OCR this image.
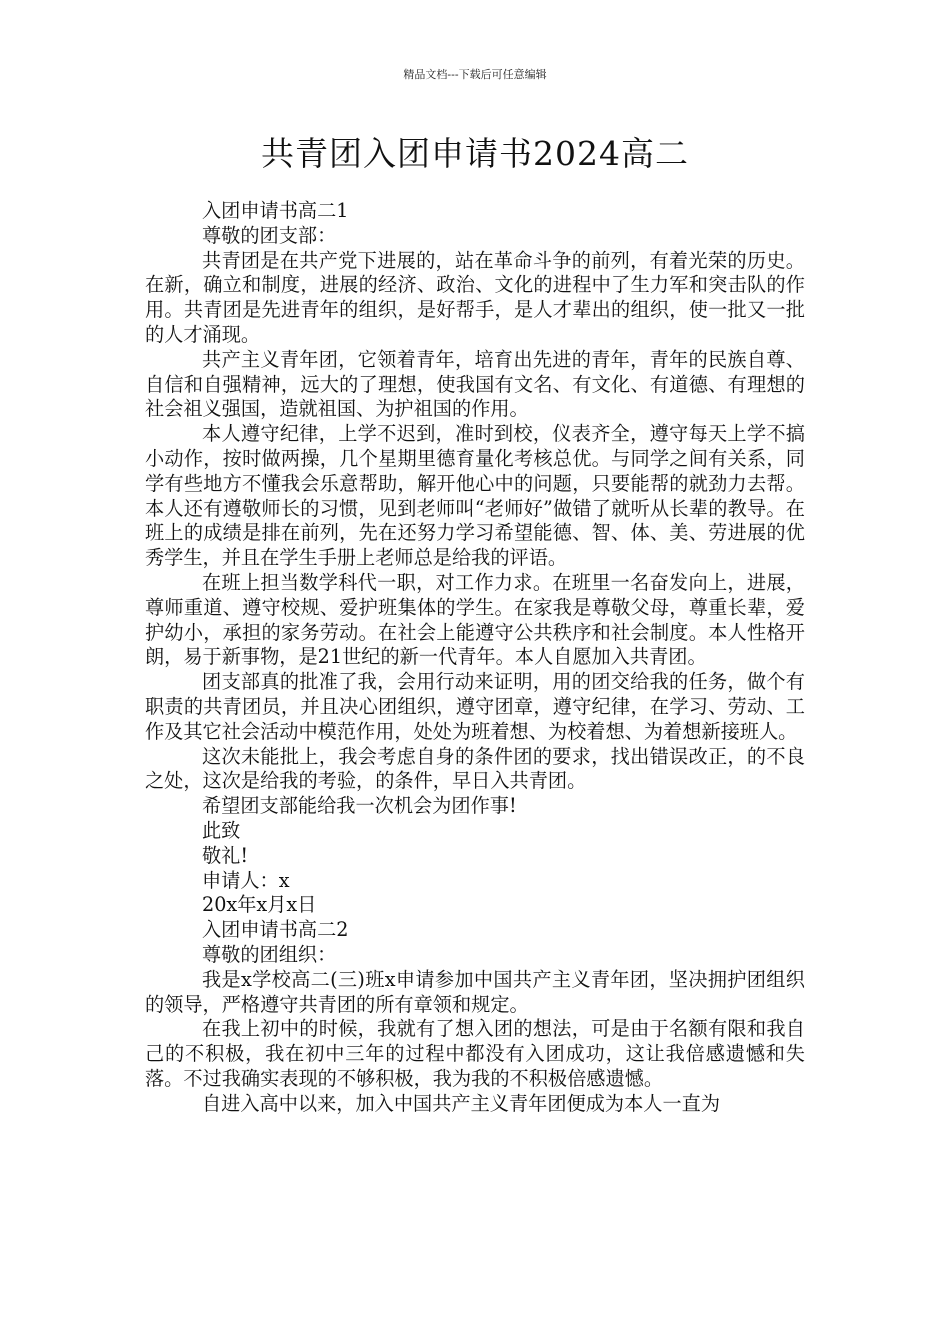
精品文档---下载后可任意编辑
共青团入团申请书2024高二

入团申请书高二1

尊敬的团支部：

共青团是在共产党下进展的，站在革命斗争的前列，有着光荣的历史。在新，确立和制度，进展的经济、政治、文化的进程中了生力军和突击队的作用。共青团是先进青年的组织，是好帮手，是人才辈出的组织，使一批又一批的人才涌现。

共产主义青年团，它领着青年，培育出先进的青年，青年的民族自尊、自信和自强精神，远大的了理想，使我国有文名、有文化、有道德、有理想的社会祖义强国，造就祖国、为护祖国的作用。

本人遵守纪律，上学不迟到，准时到校，仪表齐全，遵守每天上学不搞小动作，按时做两操，几个星期里德育量化考核总优。与同学之间有关系，同学有些地方不懂我会乐意帮助，解开他心中的问题，只要能帮的就劲力去帮。本人还有遵敬师长的习惯，见到老师叫“老师好”做错了就听从长辈的教导。在班上的成绩是排在前列，先在还努力学习希望能德、智、体、美、劳进展的优秀学生，并且在学生手册上老师总是给我的评语。

在班上担当数学科代一职，对工作力求。在班里一名奋发向上，进展，尊师重道、遵守校规、爱护班集体的学生。在家我是尊敬父母，尊重长辈，爱护幼小，承担的家务劳动。在社会上能遵守公共秩序和社会制度。本人性格开朗，易于新事物，是21世纪的新一代青年。本人自愿加入共青团。

团支部真的批准了我，会用行动来证明，用的团交给我的任务，做个有职责的共青团员，并且决心团组织，遵守团章，遵守纪律，在学习、劳动、工作及其它社会活动中模范作用，处处为班着想、为校着想、为着想新接班人。

这次未能批上，我会考虑自身的条件团的要求，找出错误改正，的不良之处，这次是给我的考验，的条件，早日入共青团。

希望团支部能给我一次机会为团作事!

此致

敬礼!

申请人：x

20x年x月x日

入团申请书高二2

尊敬的团组织：

我是x学校高二(三)班x申请参加中国共产主义青年团，坚决拥护团组织的领导，严格遵守共青团的所有章领和规定。

在我上初中的时候，我就有了想入团的想法，可是由于名额有限和我自己的不积极，我在初中三年的过程中都没有入团成功，这让我倍感遗憾和失落。不过我确实表现的不够积极，我为我的不积极倍感遗憾。

自进入高中以来，加入中国共产主义青年团便成为本人一直为
